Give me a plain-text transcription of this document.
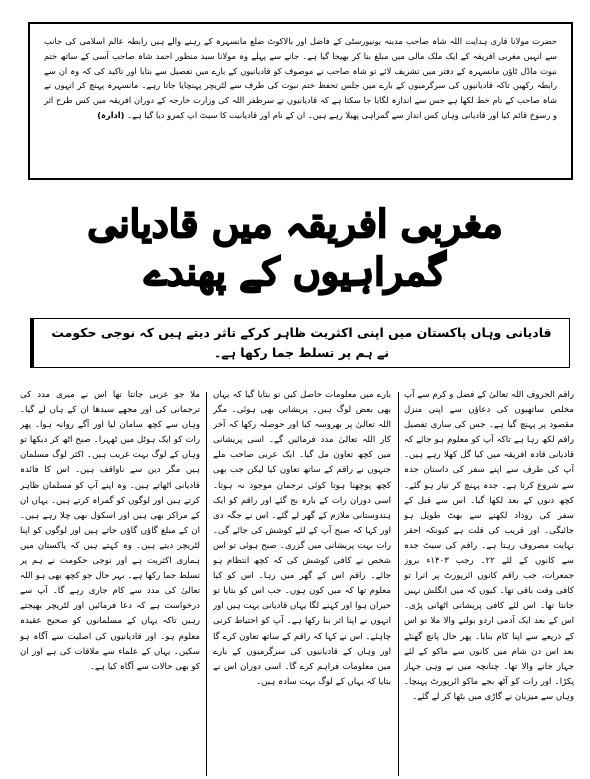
حضرت مولانا قاری ہدایت اللہ شاہ صاحب مدینہ یونیورسٹی کے فاضل اور بالاکوٹ ضلع مانسہرہ کے رہنے والے ہیں رابطہ عالم اسلامی کی جانب سے انہیں مغربی افریقہ کے ایک ملک مالی میں مبلغ بنا کر بھیجا گیا ہے۔ جانے سے پہلے وہ مولانا سید منظور احمد شاہ صاحب آسی کے ساتھ ختم نبوت ماڈل ٹاؤن مانسہرہ کے دفتر میں تشریف لائے تو شاہ صاحب نے موصوف کو قادیانیوں کے بارے میں تفصیل سے بتایا اور تاکید کی کہ وہ ان سے رابطہ رکھیں تاکہ قادیانیوں کی سرگرمیوں کے بارے میں جلس تحفظ ختم نبوت کی طرف سے لٹریچر پہنچایا جاتا رہے۔ مانسہرہ پہنچ کر انہوں نے شاہ صاحب کے نام خط لکھا ہے جس سے اندازہ لگایا جا سکتا ہے کہ قادیانیوں نے سرظفر اللہ کی وزارت خارجہ کے دوران افریقہ میں کس طرح اثر و رسوخ قائم کیا اور قادیانی وہاں کس انداز سے گمراہی پھیلا رہے ہیں۔ ان کے نام اور قادیانیت کا سیٹ اپ کمرو دیا گیا ہے۔ (ادارہ)

مغربی افریقہ میں قادیانی گمراہیوں کے پھندے

قادیانی وہاں پاکستان میں اپنی اکثریت ظاہر کرکے تاثر دیتے ہیں کہ نوجی حکومت نے ہم پر تسلط جما رکھا ہے۔

راقم الحروف اللہ تعالیٰ کے فضل و کرم سے آپ مخلص ساتھیوں کی دعاؤں سے اپنی منزل مقصود پر پہنچ گیا ہے۔ جس کی ساری تفصیل راقم لکھ رہا ہے تاکہ آپ کو معلوم ہو جائے کہ قادیانی قادہ افریقہ میں کیا گل کھلا رہے ہیں۔ آپ کی طرف سے اپنے سفر کی داستان جدہ سے شروع کرتا ہے۔ جدہ پہنچ کر تیار ہو گئے۔ کچھ دنوں کے بعد لکھا گیا۔ اس سے قبل کے سفر کی روداد لکھنے سے بھٹ طویل ہو جائیگی۔ اور قریب کی قلت ہے کیونکہ احقر نہایت مصروف رہتا ہے۔ راقم کی سیٹ جدہ سے کانوں کے لئے ۲۲۔ رجب ۱۴۰۳ء بروز جمعرات، جب راقم کانوں ائرپورٹ پر اترا تو کافی وقت باقی تھا۔ کیوں کہ میں انگلش نہیں جانتا تھا۔ اس لئے کافی پریشانی اٹھانی پڑی۔ اس کے بعد ایک آدمی اردو بولنے والا ملا تو اس کے ذریعے سے اپنا کام بنایا۔ پھر حال پانچ گھنٹے بعد اس دن شام میں کانوں سے ماکو کے لئے جہاز جانے والا تھا۔ چنانچہ میں نے وہی جہاز پکڑا۔ اور رات کو آٹھ بجے ماکو ائرپورٹ پہنچا۔ وہاں سے میزبان نے گاڑی میں بٹھا کر لے گئے۔

بارے میں معلومات حاصل کیں تو بتایا گیا کہ یہاں بھی بعض لوگ ہیں۔ پریشانی بھی ہوئی۔ مگر اللہ تعالیٰ پر بھروسہ کیا اور حوصلہ رکھا کہ آخر کار اللہ تعالیٰ مدد فرمائیں گے۔ اسی پریشانی میں کچھ تعاون مل گیا۔ ایک عربی صاحب ملے جنہوں نے راقم کے ساتھ تعاون کیا لیکن جب بھی کچھ پوچھنا ہوتا کوئی ترجمان موجود نہ ہوتا۔ اسی دوران رات کے بارہ بج گئے اور راقم کو ایک ہندوستانی ملازم کے گھر لے گئے۔ اس نے جگہ دی اور کہا کہ صبح آپ کے لئے کوشش کی جائے گی۔ رات بہت پریشانی میں گزری۔ صبح ہوئی تو اس شخص نے کافی کوشش کی کہ کچھ انتظام ہو جائے۔ راقم اس کے گھر میں رہا۔ اس کو کیا معلوم تھا کہ میں کون ہوں۔ جب اس کو بتایا تو حیران ہوا اور کہنے لگا یہاں قادیانی بہت ہیں اور انہوں نے اپنا اثر بنا رکھا ہے۔ آپ کو احتیاط کرنی چاہئے۔ اس نے کہا کہ راقم کے ساتھ تعاون کرے گا اور وہاں کے قادیانیوں کی سرگرمیوں کے بارے میں معلومات فراہم کرے گا۔ اسی دوران اس نے بتایا کہ یہاں کے لوگ بہت سادہ ہیں۔

ملا جو عربی جانتا تھا اس نے میری مدد کی ترجمانی کی اور مجھے سیدھا ان کے ہاں لے گیا۔ وہاں سے کچھ سامان لیا اور آگے روانہ ہوا۔ پھر رات کو ایک ہوٹل میں ٹھہرا۔ صبح اٹھ کر دیکھا تو وہاں کے لوگ بہت غریب ہیں۔ اکثر لوگ مسلمان ہیں مگر دین سے ناواقف ہیں۔ اس کا فائدہ قادیانی اٹھاتے ہیں۔ وہ اپنے آپ کو مسلمان ظاہر کرتے ہیں اور لوگوں کو گمراہ کرتے ہیں۔ یہاں ان کے مراکز بھی ہیں اور اسکول بھی چلا رہے ہیں۔ ان کے مبلغ گاؤں گاؤں جاتے ہیں اور لوگوں کو اپنا لٹریچر دیتے ہیں۔ وہ کہتے ہیں کہ پاکستان میں ہماری اکثریت ہے اور نوجی حکومت نے ہم پر تسلط جما رکھا ہے۔ بہر حال جو کچھ بھی ہو اللہ تعالیٰ کی مدد سے کام جاری رہے گا۔ آپ سے درخواست ہے کہ دعا فرمائیں اور لٹریچر بھیجتے رہیں تاکہ یہاں کے مسلمانوں کو صحیح عقیدہ معلوم ہو۔ اور قادیانیوں کی اصلیت سے آگاہ ہو سکیں۔ یہاں کے علماء سے ملاقات کی ہے اور ان کو بھی حالات سے آگاہ کیا ہے۔
